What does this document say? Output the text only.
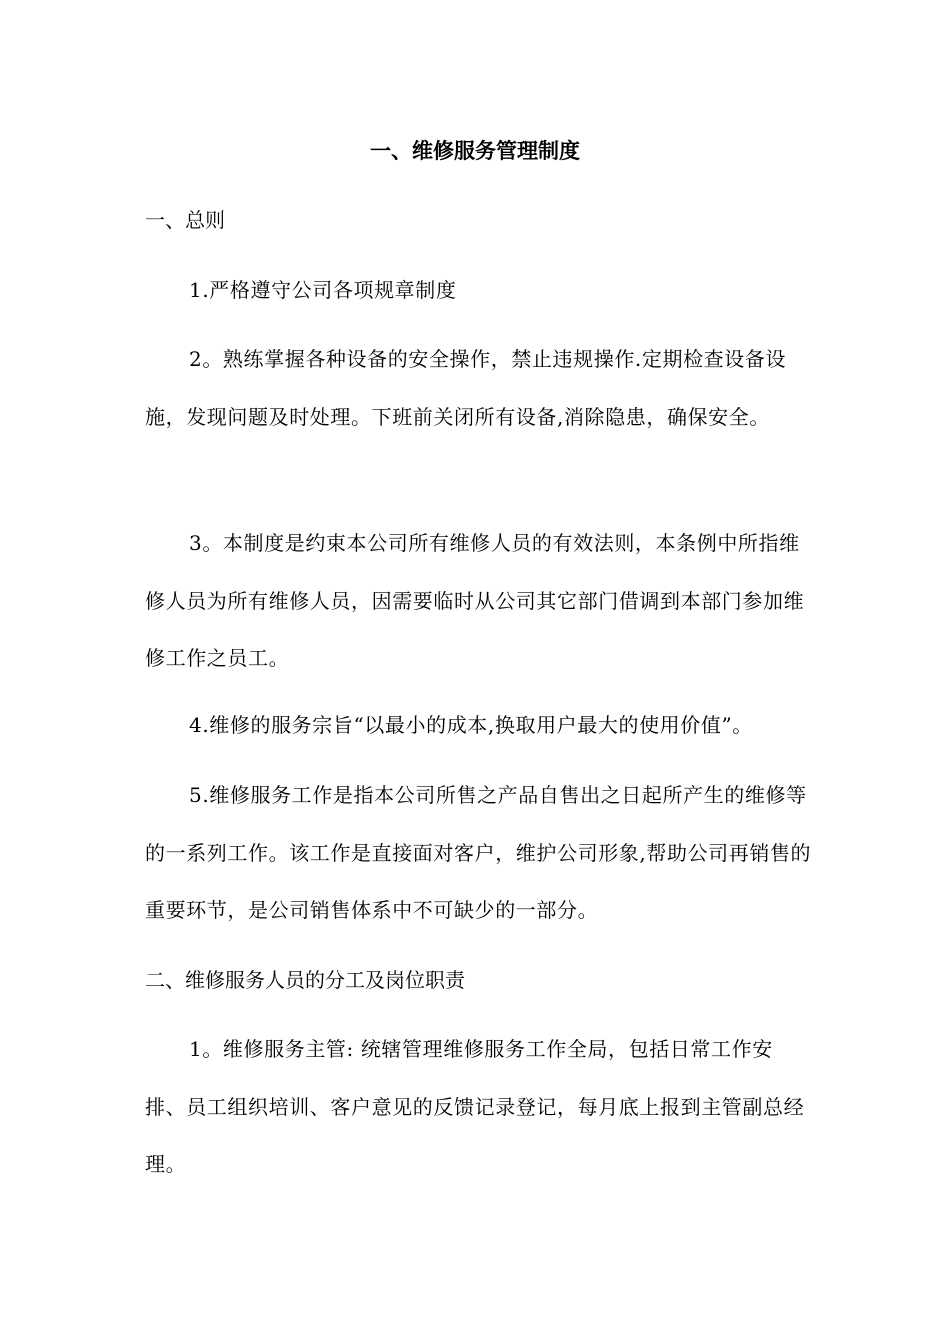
一、维修服务管理制度
一、总则
1.严格遵守公司各项规章制度
2。熟练掌握各种设备的安全操作，禁止违规操作.定期检查设备设施，发现问题及时处理。下班前关闭所有设备,消除隐患，确保安全。
3。本制度是约束本公司所有维修人员的有效法则，本条例中所指维修人员为所有维修人员，因需要临时从公司其它部门借调到本部门参加维修工作之员工。
4.维修的服务宗旨“以最小的成本,换取用户最大的使用价值”。
5.维修服务工作是指本公司所售之产品自售出之日起所产生的维修等的一系列工作。该工作是直接面对客户，维护公司形象,帮助公司再销售的重要环节，是公司销售体系中不可缺少的一部分。
二、维修服务人员的分工及岗位职责
1。维修服务主管: 统辖管理维修服务工作全局，包括日常工作安排、员工组织培训、客户意见的反馈记录登记，每月底上报到主管副总经理。
